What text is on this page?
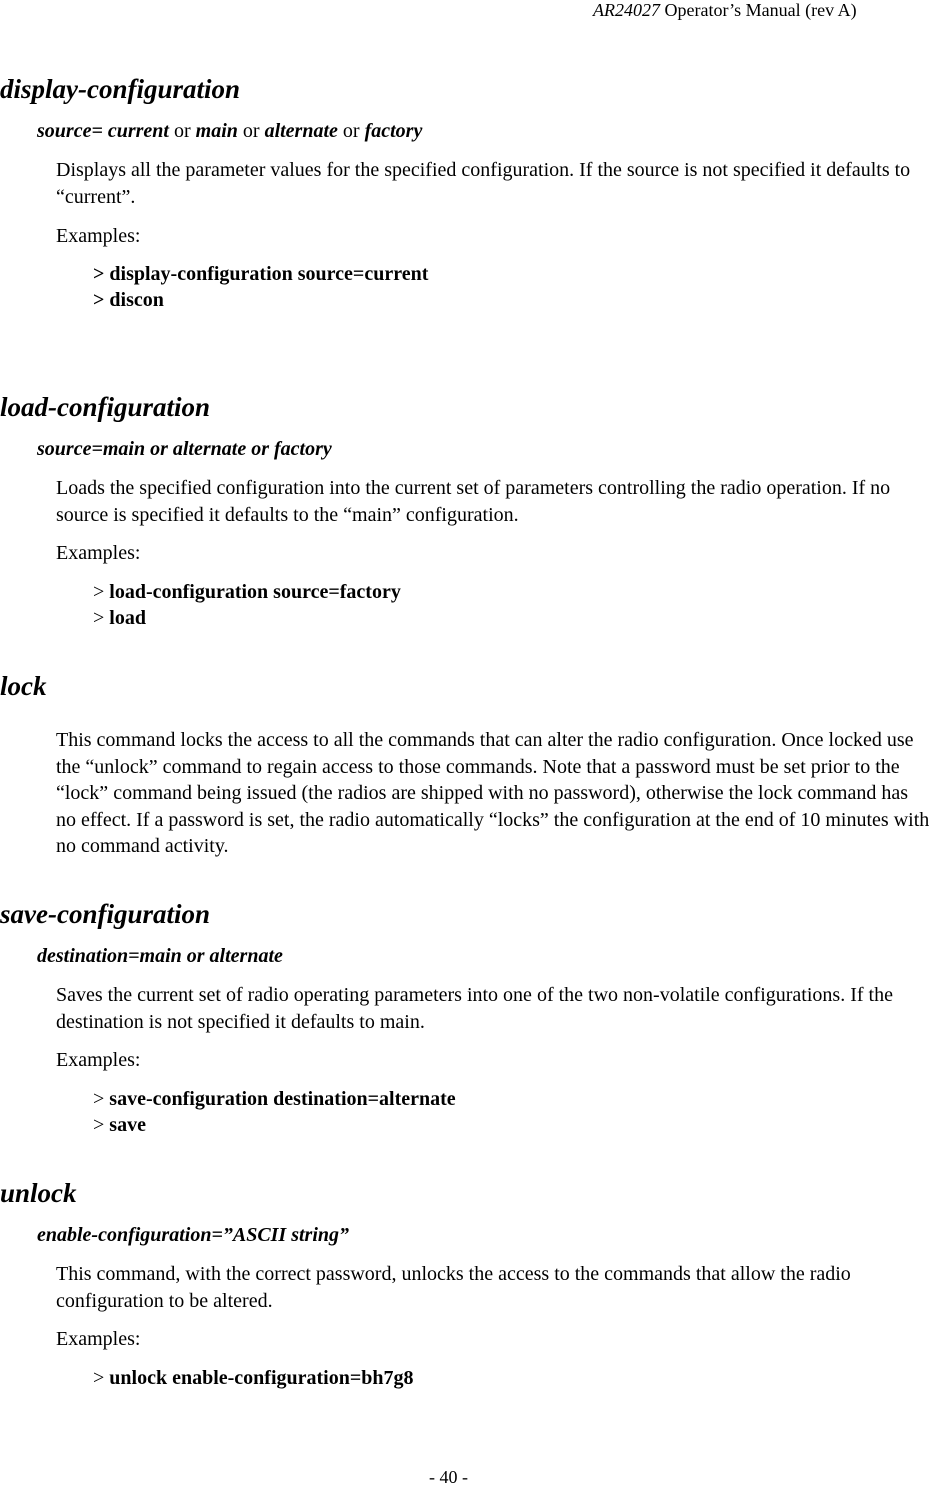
AR24027 Operator’s Manual (rev A)
display-configuration
source= current or main or alternate or factory

Displays all the parameter values for the specified configuration. If the source is not specified it defaults to “current”.

Examples:
> display-configuration source=current
> discon
load-configuration
source=main or alternate or factory

Loads the specified configuration into the current set of parameters controlling the radio operation. If no source is specified it defaults to the “main” configuration.

Examples:
> load-configuration source=factory
> load
lock

This command locks the access to all the commands that can alter the radio configuration. Once locked use the “unlock” command to regain access to those commands. Note that a password must be set prior to the “lock” command being issued (the radios are shipped with no password), otherwise the lock command has no effect. If a password is set, the radio automatically “locks” the configuration at the end of 10 minutes with no command activity.

save-configuration
destination=main or alternate

Saves the current set of radio operating parameters into one of the two non-volatile configurations. If the destination is not specified it defaults to main.

Examples:
> save-configuration destination=alternate
> save
unlock
enable-configuration=”ASCII string”

This command, with the correct password, unlocks the access to the commands that allow the radio configuration to be altered.

Examples:
> unlock enable-configuration=bh7g8
- 40 -
